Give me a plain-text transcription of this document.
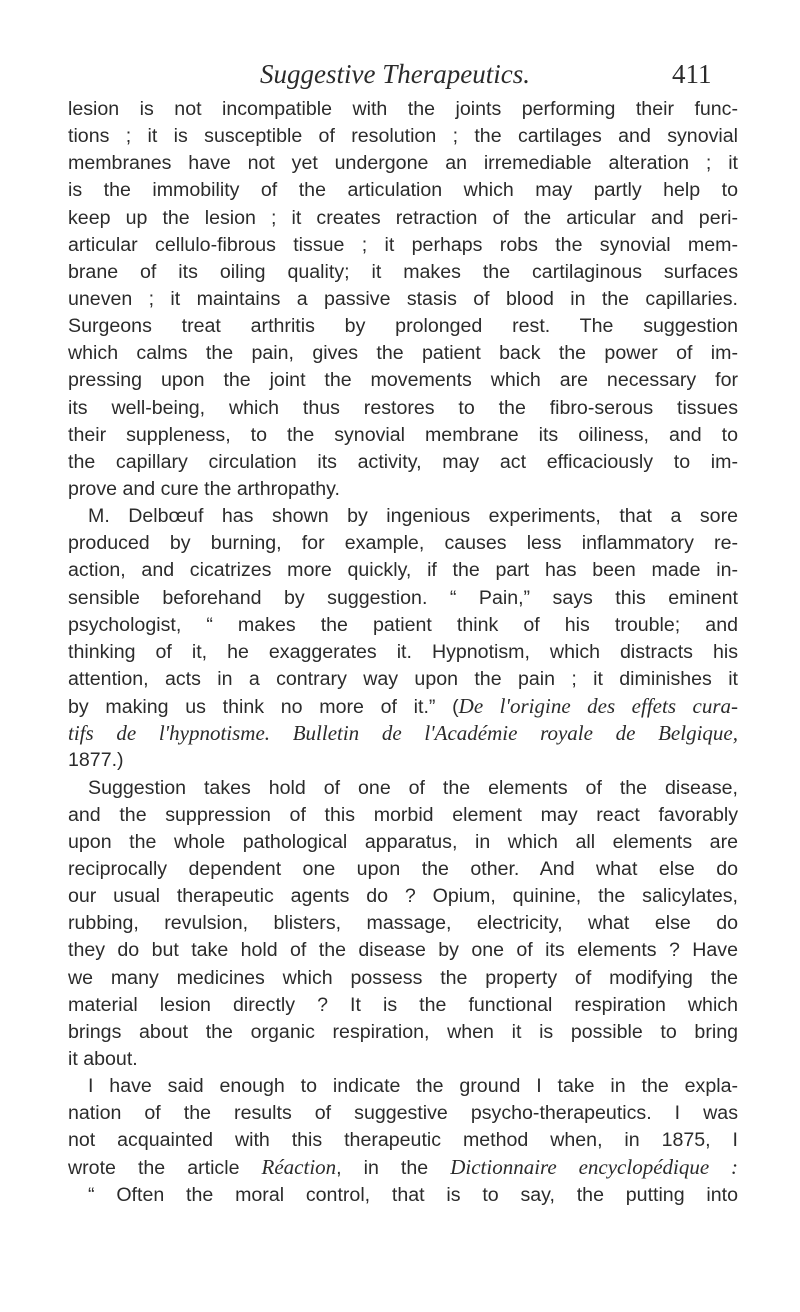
Suggestive Therapeutics.	411
lesion is not incompatible with the joints performing their func-
tions ; it is susceptible of resolution ; the cartilages and synovial
membranes have not yet undergone an irremediable alteration ; it
is the immobility of the articulation which may partly help to
keep up the lesion ; it creates retraction of the articular and peri-
articular cellulo-fibrous tissue ; it perhaps robs the synovial mem-
brane of its oiling quality; it makes the cartilaginous surfaces
uneven ; it maintains a passive stasis of blood in the capillaries.
Surgeons treat arthritis by prolonged rest. The suggestion
which calms the pain, gives the patient back the power of im-
pressing upon the joint the movements which are necessary for
its well-being, which thus restores to the fibro-serous tissues
their suppleness, to the synovial membrane its oiliness, and to
the capillary circulation its activity, may act efficaciously to im-
prove and cure the arthropathy.
M. Delbœuf has shown by ingenious experiments, that a sore
produced by burning, for example, causes less inflammatory re-
action, and cicatrizes more quickly, if the part has been made in-
sensible beforehand by suggestion. “ Pain,” says this eminent
psychologist, “ makes the patient think of his trouble; and
thinking of it, he exaggerates it. Hypnotism, which distracts his
attention, acts in a contrary way upon the pain ; it diminishes it
by making us think no more of it.” (De l'origine des effets cura-
tifs de l'hypnotisme. Bulletin de l'Académie royale de Belgique,
1877.)
Suggestion takes hold of one of the elements of the disease,
and the suppression of this morbid element may react favorably
upon the whole pathological apparatus, in which all elements are
reciprocally dependent one upon the other. And what else do
our usual therapeutic agents do ? Opium, quinine, the salicylates,
rubbing, revulsion, blisters, massage, electricity, what else do
they do but take hold of the disease by one of its elements ? Have
we many medicines which possess the property of modifying the
material lesion directly ? It is the functional respiration which
brings about the organic respiration, when it is possible to bring
it about.
I have said enough to indicate the ground I take in the expla-
nation of the results of suggestive psycho-therapeutics. I was
not acquainted with this therapeutic method when, in 1875, I
wrote the article Réaction, in the Dictionnaire encyclopédique :
“ Often the moral control, that is to say, the putting into
